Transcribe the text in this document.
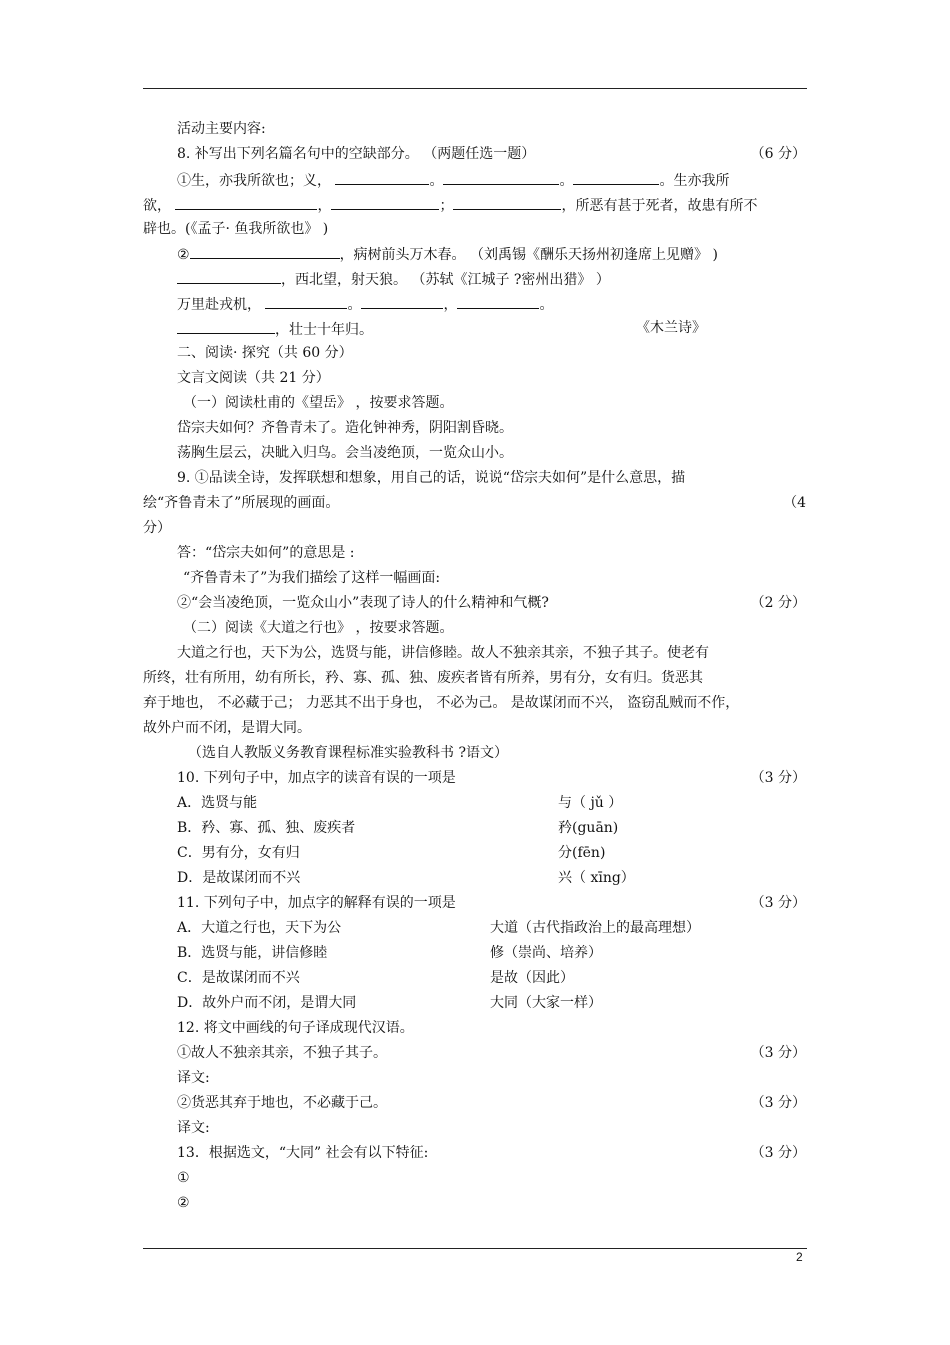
活动主要内容:
8. 补写出下列名篇名句中的空缺部分。 （两题任选一题）	（6 分）
①生，亦我所欲也；义，	。	。	。生亦我所
欲，	，	；	，所恶有甚于死者，故患有所不
辟也。(《孟子· 鱼我所欲也》 )
②	，病树前头万木春。 （刘禹锡《酬乐天扬州初逢席上见赠》 )
，西北望，射天狼。 （苏轼《江城子 ?密州出猎》 ）
万里赴戎机，	。	，	。
，壮士十年归。	《木兰诗》
二、阅读· 探究（共 60 分）
文言文阅读（共 21 分）
（一）阅读杜甫的《望岳》 ，按要求答题。
岱宗夫如何？齐鲁青未了。造化钟神秀，阴阳割昏晓。
荡胸生层云，决眦入归鸟。会当凌绝顶，一览众山小。
9. ①品读全诗，发挥联想和想象，用自己的话，说说“岱宗夫如何”是什么意思，描
绘“齐鲁青未了”所展现的画面。	（4
分）
答：“岱宗夫如何”的意思是 :
“齐鲁青未了”为我们描绘了这样一幅画面:
②“会当凌绝顶，一览众山小”表现了诗人的什么精神和气概?	（2 分）
（二）阅读《大道之行也》 ，按要求答题。
大道之行也，天下为公，选贤与能，讲信修睦。故人不独亲其亲，不独子其子。使老有
所终，壮有所用，幼有所长，矜、寡、孤、独、废疾者皆有所养，男有分，女有归。货恶其
弃于地也， 不必藏于己； 力恶其不出于身也， 不必为己。 是故谋闭而不兴， 盗窃乱贼而不作，
故外户而不闭，是谓大同。
（选自人教版义务教育课程标准实验教科书 ?语文）
10. 下列句子中，加点字的读音有误的一项是	（3 分）
A．选贤与能	与（ jǔ ）
B．矜、寡、孤、独、废疾者	矜(guān)
C．男有分，女有归	分(fēn)
D．是故谋闭而不兴	兴（ xīng）
11. 下列句子中，加点字的解释有误的一项是	（3 分）
A．大道之行也，天下为公	大道（古代指政治上的最高理想）
B．选贤与能，讲信修睦	修（崇尚、培养）
C．是故谋闭而不兴	是故（因此）
D．故外户而不闭，是谓大同	大同（大家一样）
12. 将文中画线的句子译成现代汉语。
①故人不独亲其亲，不独子其子。	（3 分）
译文:
②货恶其弃于地也，不必藏于己。	（3 分）
译文:
13．根据选文，“大同” 社会有以下特征:	（3 分）
①
②
2
